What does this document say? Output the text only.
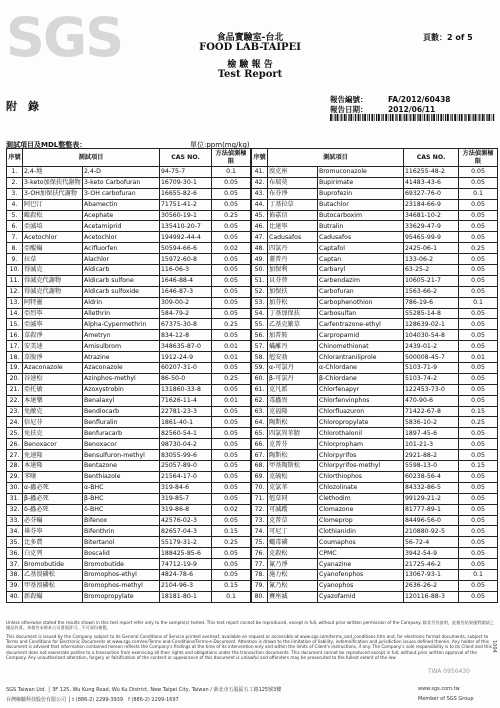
SGS	食品實驗室-台北
FOOD LAB-TAIPEI
檢 驗 報 告
Test Report
頁數：2 of 5
附　錄
報告編號：	FA/2012/60438
報告日期：	2012/06/11
測試項目及MDL整整表：	單位:ppm(mg/kg)
序號	測試項目		CAS NO.	方法偵測極限
1.	2,4-地	2,4-D	94-75-7	0.1
2.	3-keto加保扶代謝物	3-keto Carbofuran	16709-30-1	0.05
3.	3-OH加保扶代謝物	3-OH carbofuran	16655-82-6	0.05
4.	阿巴汀	Abamectin	71751-41-2	0.05
5.	毆殺松	Acephate	30560-19-1	0.25
6.	亞滅培	Acetamiprid	135410-20-7	0.05
7.	Acetochlor	Acetochlor	194992-44-4	0.05
8.	亞醌蟎	Acifluorfen	50594-66-6	0.02
9.	拉草	Alachlor	15972-60-8	0.05
10.	得滅克	Aldicarb	116-06-3	0.05
11.	得滅克代謝物	Aldicarb sulfone	1646-88-4	0.05
12.	得滅克代謝物	Aldicarb sulfoxide	1646-87-3	0.05
13.	阿特靈	Aldrin	309-00-2	0.05
14.	亞烈寧	Allethrin	584-79-2	0.05
15.	亞滅寧	Alpha-Cypermethrin	67375-30-8	0.25
16.	草殺淨	Ametryn	834-12-8	0.05
17.	安美速	Amisulbrom	348635-87-0	0.01
18.	草脫淨	Atrazine	1912-24-9	0.01
19.	Azaconazole	Azaconazole	60207-31-0	0.05
20.	谷速松	Azinphos-methyl	86-50-0	0.25
21.	亞托敏	Azoxystrobin	131860-33-8	0.05
22.	本達樂	Benalaxyl	71626-11-4	0.01
23.	免敵克	Bendiocarb	22781-23-3	0.05
24.	倍尼芬	Benfluralin	1861-40-1	0.05
25.	免扶克	Benfuracarb	82560-54-1	0.05
26.	Benoxacor	Benoxacor	98730-04-2	0.05
27.	免速隆	Bensulfuron-methyl	83055-99-6	0.05
28.	本達隆	Bentazone	25057-89-0	0.05
29.	苯噻	Benthiazole	21564-17-0	0.05
30.	α-蟲必死	α-BHC	319-84-6	0.05
31.	β-蟲必死	β-BHC	319-85-7	0.05
32.	δ-蟲必死	δ-BHC	319-86-8	0.02
33.	必芬蟎	Bifenox	42576-02-3	0.05
34.	畢芬寧	Bifenthrin	82657-04-3	0.15
35.	比多農	Bitertanol	55179-31-2	0.25
36.	白克列	Boscalid	188425-85-6	0.05
37.	Bromobutide	Bromobutide	74712-19-9	0.05
38.	乙基溴磷松	Bromophos-ethyl	4824-78-6	0.05
39.	甲基溴磷松	Bromophos-methyl	2104-96-3	0.15
40.	新殺蟎	Bromopropylate	18181-80-1	0.1
序號	測試項目		CAS NO.	方法偵測極限
41.	溴克座	Bromuconazole	116255-48-2	0.05
42.	布瑞莫	Bupirimate	41483-43-6	0.05
43.	布芬淨	Buprofezin	69327-76-0	0.1
44.	丁基拉草	Butachlor	23184-66-9	0.05
45.	佈嘉信	Butocarboxim	34681-10-2	0.05
46.	比達寧	Butralin	33629-47-9	0.05
47.	Cadusafos	Cadusafos	95465-99-9	0.05
48.	四氯丹	Captafol	2425-06-1	0.25
49.	蓋普丹	Captan	133-06-2	0.05
50.	加保利	Carbaryl	63-25-2	0.05
51.	貝芬替	Carbendazim	10605-21-7	0.05
52.	加保扶	Carbofuran	1563-66-2	0.05
53.	加芬松	Carbophenothion	786-19-6	0.1
54.	丁基加保扶	Carbosulfan	55285-14-8	0.05
55.	乙基克繁草	Carfentrazone-ethyl	128639-02-1	0.05
56.	加普胺	Carpropamid	104030-54-8	0.05
57.	蟎離丹	Chinomethionat	2439-01-2	0.05
58.	剋安勃	Chlorantraniliprole	500008-45-7	0.01
59.	α-可氯丹	α-Chlordane	5103-71-9	0.05
60.	β-可氯丹	β-Chlordane	5103-74-2	0.05
61.	克凡派	Chlorfenapyr	122453-73-0	0.05
62.	毒蟲畏	Chlorfenvinphos	470-90-6	0.05
63.	克福隆	Chlorfluazuron	71422-67-8	0.15
64.	陶斯松	Chloropropylate	5836-10-2	0.25
65.	四氯異苯腈	Chlorothalonil	1897-45-6	0.05
66.	克普芬	Chlorpropham	101-21-3	0.05
67.	陶斯松	Chlorpyrifos	2921-88-2	0.05
68.	甲基陶斯松	Chlorpyrifos-methyl	5598-13-0	0.15
69.	克硫松	Chlorthiophos	60238-56-4	0.05
70.	克氯苯	Chlozolinate	84332-86-5	0.05
71.	剋草同	Clethodim	99129-21-2	0.05
72.	可滅蹤	Clomazone	81777-89-1	0.05
73.	克普草	Clomeprop	84496-56-0	0.05
74.	可尼丁	Clothianidin	210880-92-5	0.05
75.	蠅毒磷	Coumaphos	56-72-4	0.05
76.	克殺松	CPMC	3942-54-9	0.05
77.	氰乃淨	Cyanazine	21725-46-2	0.05
78.	施力松	Cyanofenphos	13067-93-1	0.1
79.	氰乃松	Cyanophos	2636-26-2	0.05
80.	賽座滅	Cyazofamid	120116-88-3	0.05
Unless otherwise stated the results shown in this test report refer only to the sample(s) tested. This test report cannot be reproduced, except in full, without prior written permission of the Company. 除非另有說明，此報告結果僅對測試之樣品負責。本報告未經本公司書面許可，不可部份複製。
This document is issued by the Company subject to its General Conditions of Service printed overleaf, available on request or accessible at www.sgs.com/terms_and_conditions.htm and, for electronic format documents, subject to Terms and Conditions for Electronic Documents at www.sgs.com/en/Terms-and-Conditions/Terms-e-Document. Attention is drawn to the limitation of liability, indemnification and jurisdiction issues defined therein. Any holder of this document is advised that information contained hereon reflects the Company's findings at the time of its intervention only and within the limits of Client's instructions, if any. The Company's sole responsibility is to its Client and this document does not exonerate parties to a transaction from exercising all their rights and obligations under the transaction documents. This document cannot be reproduced except in full, without prior written approval of the Company. Any unauthorized alteration, forgery or falsification of the content or appearance of this document is unlawful and offenders may be prosecuted to the fullest extent of the law.
SGS Taiwan Ltd. │ 3F 125, Wu Kung Road, Wu Ku District, New Taipei City, Taiwan / 新北市五股區五工路125號3樓
台灣檢驗科技股份有限公司 │ t (886-2) 2299-3939　 f (886-2) 2299-1697
www.sgs.com.tw
Member of SGS Group
TWA 0956430
1004
